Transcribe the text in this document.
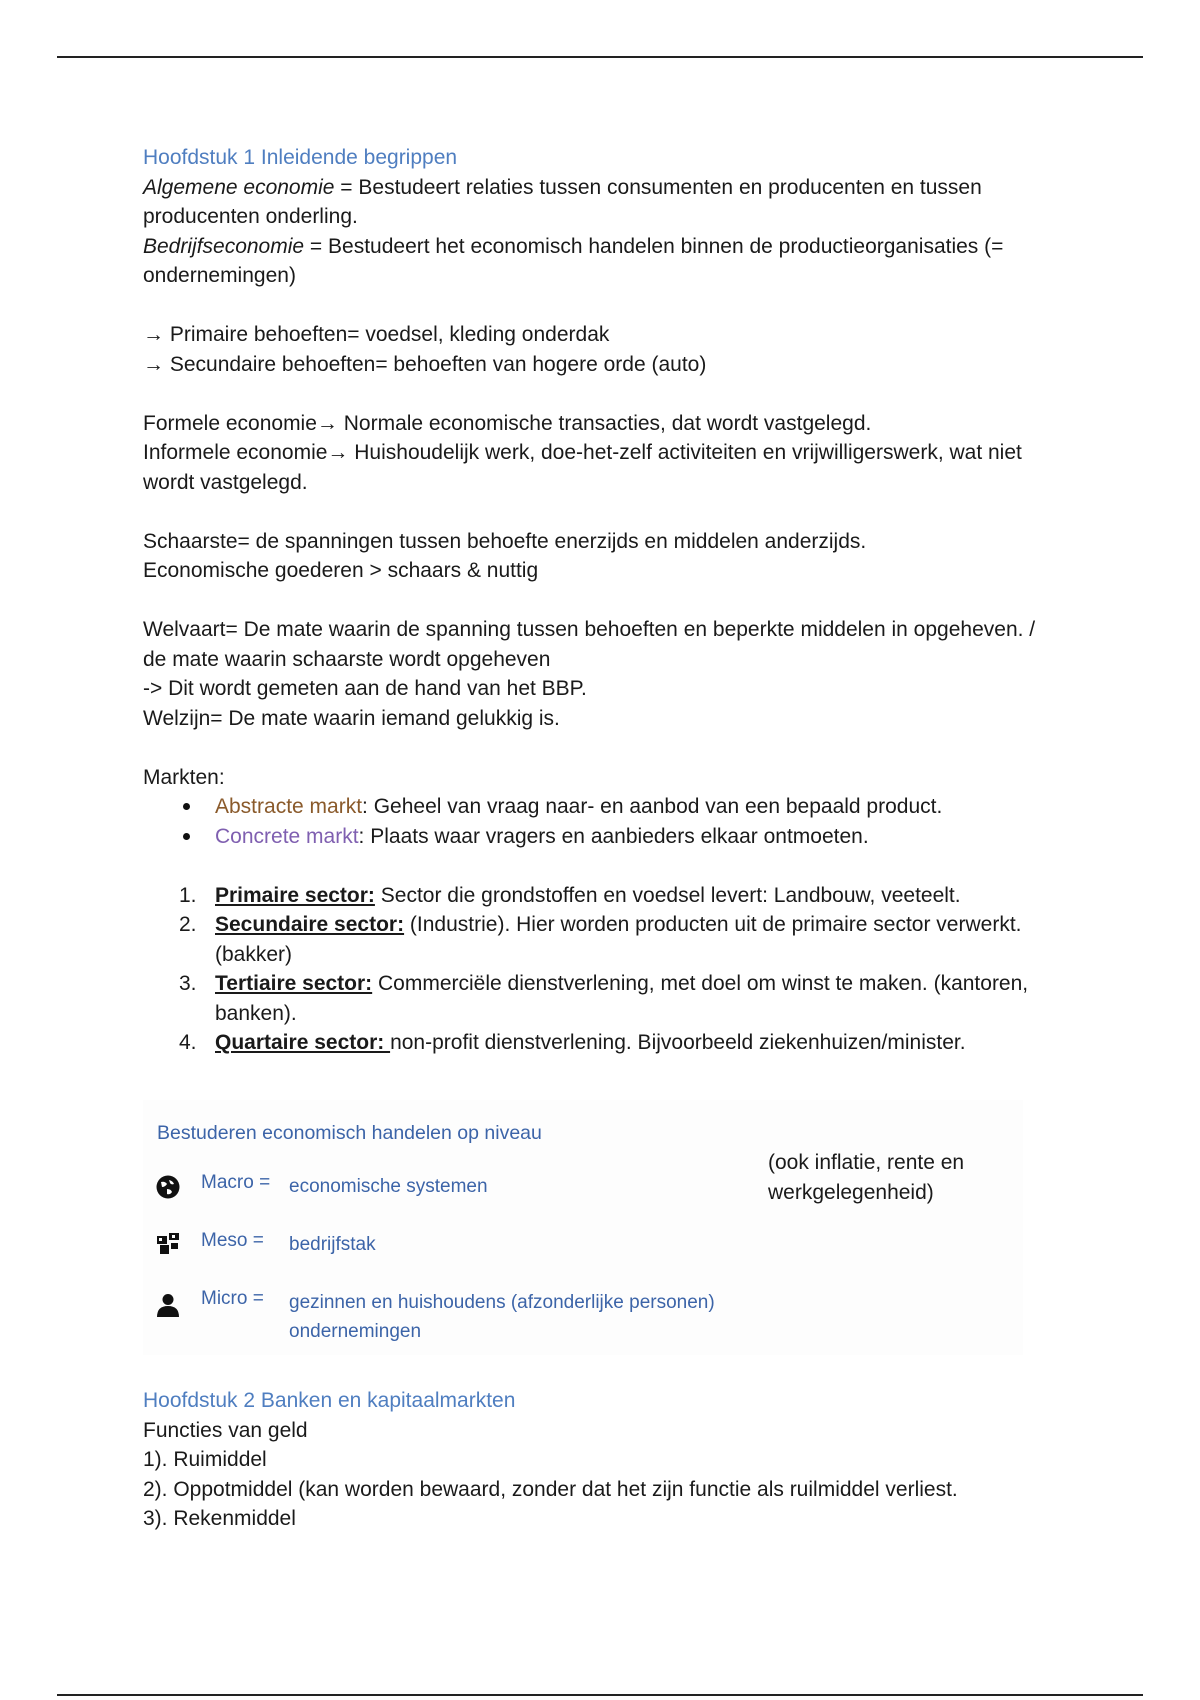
Hoofdstuk 1 Inleidende begrippen

Algemene economie = Bestudeert relaties tussen consumenten en producenten en tussen producenten onderling.

Bedrijfseconomie = Bestudeert het economisch handelen binnen de productieorganisaties (= ondernemingen)

→ Primaire behoeften= voedsel, kleding onderdak

→ Secundaire behoeften= behoeften van hogere orde (auto)

Formele economie→ Normale economische transacties, dat wordt vastgelegd.

Informele economie→ Huishoudelijk werk, doe-het-zelf activiteiten en vrijwilligerswerk, wat niet wordt vastgelegd.

Schaarste= de spanningen tussen behoefte enerzijds en middelen anderzijds.

Economische goederen > schaars & nuttig

Welvaart= De mate waarin de spanning tussen behoeften en beperkte middelen in opgeheven. / de mate waarin schaarste wordt opgeheven

-> Dit wordt gemeten aan de hand van het BBP.

Welzijn= De mate waarin iemand gelukkig is.

Markten:

Abstracte markt: Geheel van vraag naar- en aanbod van een bepaald product.
Concrete markt: Plaats waar vragers en aanbieders elkaar ontmoeten.
1. Primaire sector: Sector die grondstoffen en voedsel levert: Landbouw, veeteelt.
2. Secundaire sector: (Industrie). Hier worden producten uit de primaire sector verwerkt. (bakker)
3. Tertiaire sector: Commerciële dienstverlening, met doel om winst te maken. (kantoren, banken).
4. Quartaire sector: non-profit dienstverlening. Bijvoorbeeld ziekenhuizen/minister.
Bestuderen economisch handelen op niveau
Macro = economische systemen
Meso = bedrijfstak
Micro = gezinnen en huishoudens (afzonderlijke personen)
ondernemingen
(ook inflatie, rente en werkgelegenheid)

Hoofdstuk 2 Banken en kapitaalmarkten

Functies van geld

1). Ruimiddel

2). Oppotmiddel (kan worden bewaard, zonder dat het zijn functie als ruilmiddel verliest.

3). Rekenmiddel
